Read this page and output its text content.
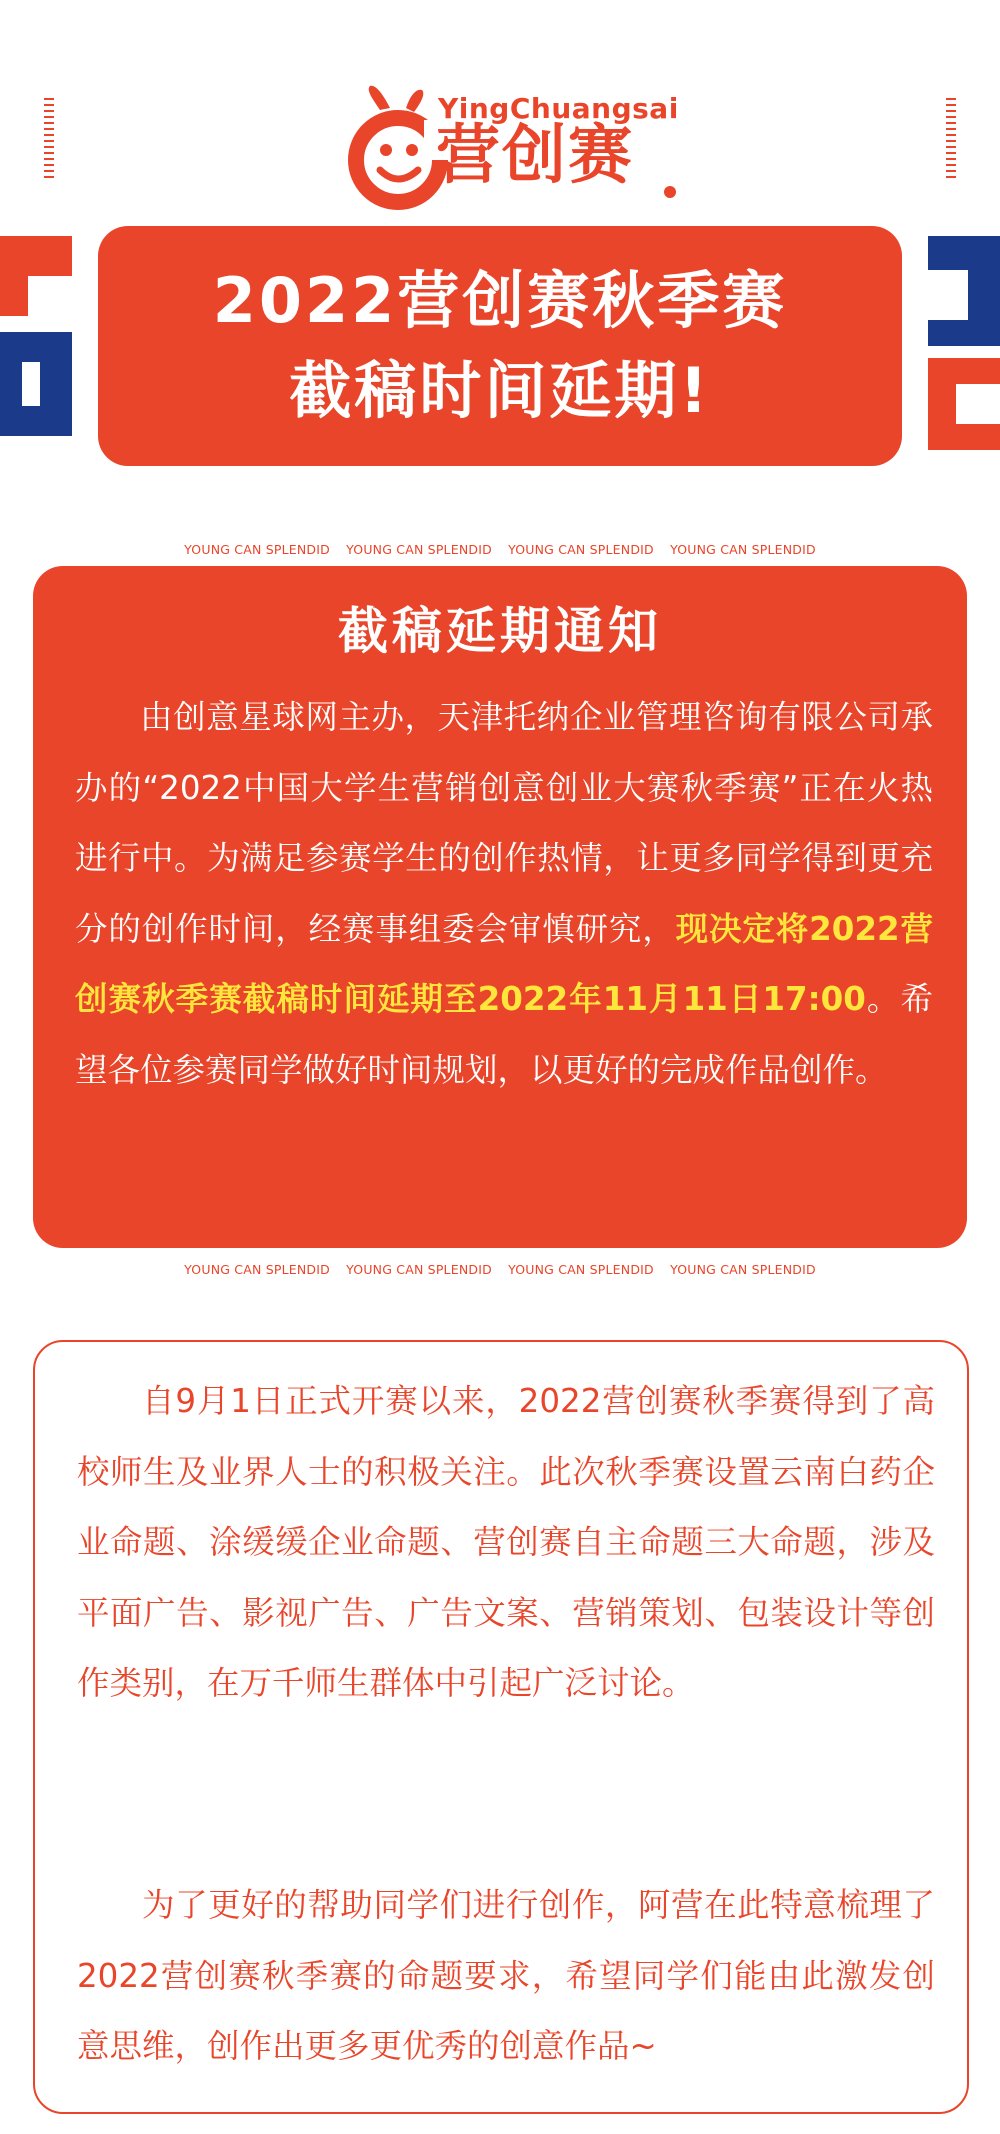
YingChuangsai
营创赛
2022营创赛秋季赛
截稿时间延期!
YOUNG CAN SPLENDID YOUNG CAN SPLENDID YOUNG CAN SPLENDID YOUNG CAN SPLENDID
截稿延期通知

由创意星球网主办，天津托纳企业管理咨询有限公司承办的“2022中国大学生营销创意创业大赛秋季赛”正在火热进行中。为满足参赛学生的创作热情，让更多同学得到更充分的创作时间，经赛事组委会审慎研究，现决定将2022营创赛秋季赛截稿时间延期至2022年11月11日17:00。希望各位参赛同学做好时间规划，以更好的完成作品创作。

YOUNG CAN SPLENDID YOUNG CAN SPLENDID YOUNG CAN SPLENDID YOUNG CAN SPLENDID

自9月1日正式开赛以来，2022营创赛秋季赛得到了高校师生及业界人士的积极关注。此次秋季赛设置云南白药企业命题、涂缓缓企业命题、营创赛自主命题三大命题，涉及平面广告、影视广告、广告文案、营销策划、包装设计等创作类别，在万千师生群体中引起广泛讨论。

为了更好的帮助同学们进行创作，阿营在此特意梳理了2022营创赛秋季赛的命题要求，希望同学们能由此激发创意思维，创作出更多更优秀的创意作品~
